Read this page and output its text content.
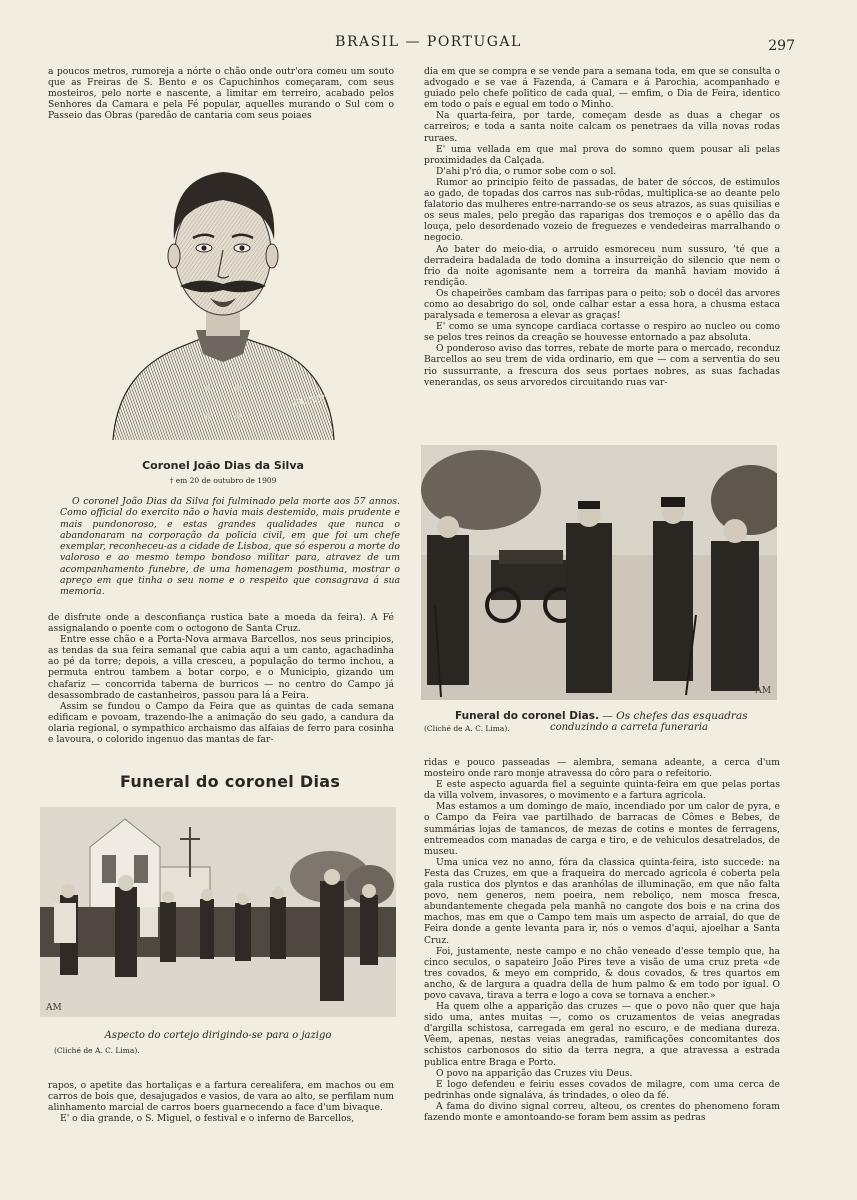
BRASIL — PORTUGAL	297

a poucos metros, rumoreja a nórte o chão onde outr'ora comeu um souto que as Freiras de S. Bento e os Capuchinhos começaram, com seus mosteiros, pelo norte e nascente, a limitar em terreiro, acabado pelos Senhores da Camara e pela Fé popular, aquelles murando o Sul com o Passeio das Obras (paredão de cantaria com seus poiaes

FALTER
Coronel João Dias da Silva
† em 20 de outubro de 1909

O coronel João Dias da Silva foi fulminado pela morte aos 57 annos. Como official do exercito não o havia mais destemido, mais prudente e mais pundonoroso, e estas grandes qualidades que nunca o abandonaram na corporação da policia civil, em que foi um chefe exemplar, reconheceu-as a cidade de Lisboa, que só esperou a morte do valoroso e ao mesmo tempo bondoso militar para, atravez de um acompanhamento funebre, de uma homenagem posthuma, mostrar o apreço em que tinha o seu nome e o respeito que consagrava á sua memoria.

de disfrute onde a desconfiança rustica bate a moeda da feira). A Fé assignalando o poente com o octogono de Santa Cruz.

Entre esse chão e a Porta-Nova armava Barcellos, nos seus principios, as tendas da sua feira semanal que cabia aqui a um canto, agachadinha ao pé da torre; depois, a villa cresceu, a população do termo inchou, a permuta entrou tambem a botar corpo, e o Municipio, gizando um chafariz — concorrida taberna de burricos — no centro do Campo já desassombrado de castanheiros, passou para lá a Feira.

Assim se fundou o Campo da Feira que as quintas de cada semana edificam e povoam, trazendo-lhe a animação do seu gado, a candura da olaria regional, o sympathico archaismo das alfaias de ferro para cosinha e lavoura, o colorido ingenuo das mantas de far-

Funeral do coronel Dias
AM
Aspecto do cortejo dirigindo-se para o jazigo
(Cliché de A. C. Lima).

rapos, o apetite das hortaliças e a fartura cerealifera, em machos ou em carros de bois que, desajugados e vasios, de vara ao alto, se perfilam num alinhamento marcial de carros boers guarnecendo a face d'um bivaque.

E' o dia grande, o S. Miguel, o festival e o inferno de Barcellos,

dia em que se compra e se vende para a semana toda, em que se consulta o advogado e se vae á Fazenda, á Camara e á Parochia, acompanhado e guiado pelo chefe politico de cada qual, — emfim, o Dia de Feira, identico em todo o país e egual em todo o Minho.

Na quarta-feira, por tarde, começam desde as duas a chegar os carreiros; e toda a santa noite calcam os penetraes da villa novas rodas ruraes.

E' uma vellada em que mal prova do somno quem pousar ali pelas proximidades da Calçada.

D'ahi p'ró dia, o rumor sobe com o sol.

Rumor ao principio feito de passadas, de bater de sóccos, de estimulos ao gado, de topadas dos carros nas sub-rôdas, multiplica-se ao deante pelo falatorio das mulheres entre-narrando-se os seus atrazos, as suas quisilias e os seus males, pelo pregão das raparigas dos tremoços e o apêllo das da louça, pelo desordenado vozeio de freguezes e vendedeiras marralhando o negocio.

Ao bater do meio-dia, o arruido esmoreceu num sussuro, 'té que a derradeira badalada de todo domina a insurreição do silencio que nem o frio da noite agonisante nem a torreira da manhã haviam movido á rendição.

Os chapeirões cambam das farripas para o peito; sob o docél das arvores como ao desabrigo do sol, onde calhar estar a essa hora, a chusma estaca paralysada e temerosa a elevar as graças!

E' como se uma syncope cardiaca cortasse o respiro ao nucleo ou como se pelos tres reinos da creação se houvesse entornado a paz absoluta.

O ponderoso aviso das torres, rebate de morte para o mercado, reconduz Barcellos ao seu trem de vida ordinario, em que — com a serventia do seu rio sussurrante, a frescura dos seus portaes nobres, as suas fachadas venerandas, os seus arvoredos circuitando ruas var-

AM
Funeral do coronel Dias. — Os chefes das esquadras
(Cliché de A. C. Lima).	conduzindo a carreta funeraria

ridas e pouco passeadas — alembra, semana adeante, a cerca d'um mosteiro onde raro monje atravessa do côro para o refeitorio.

E este aspecto aguarda fiel a seguinte quinta-feira em que pelas portas da villa volvem, invasores, o movimento e a fartura agricola.

Mas estamos a um domingo de maio, incendiado por um calor de pyra, e o Campo da Feira vae partilhado de barracas de Cômes e Bebes, de summárias lojas de tamancos, de mezas de cotins e montes de ferragens, entremeados com manadas de carga e tiro, e de vehiculos desatrelados, de museu.

Uma unica vez no anno, fóra da classica quinta-feira, isto succede: na Festa das Cruzes, em que a fraqueira do mercado agricola é coberta pela gala rustica dos plyntos e das aranhólas de illuminação, em que não falta povo, nem generos, nem poeira, nem reboliço, nem mosca fresca, abundantemente chegada pela manhã no cangote dos bois e na crina dos machos, mas em que o Campo tem mais um aspecto de arraial, do que de Feira donde a gente levanta para ir, nós o vemos d'aqui, ajoelhar a Santa Cruz.

Foi, justamente, neste campo e no chão veneado d'esse templo que, ha cinco seculos, o sapateiro João Pires teve a visão de uma cruz preta «de tres covados, & meyo em comprido, & dous covados, & tres quartos em ancho, & de largura a quadra della de hum palmo & em todo por igual. O povo cavava, tirava a terra e logo a cova se tornava a encher.»

Ha quem olhe a apparição das cruzes — que o povo não quer que haja sido uma, antes muitas —, como os cruzamentos de veias anegradas d'argilla schistosa, carregada em geral no escuro, e de mediana dureza. Vêem, apenas, nestas veias anegradas, ramificações concomitantes dos schistos carbonosos do sitio da terra negra, a que atravessa a estrada publica entre Braga e Porto.

O povo na apparição das Cruzes viu Deus.

E logo defendeu e feiriu esses covados de milagre, com uma cerca de pedrinhas onde signaláva, ás trindades, o oleo da fé.

A fama do divino signal correu, alteou, os crentes do phenomeno foram fazendo monte e amontoando-se foram bem assim as pedras
